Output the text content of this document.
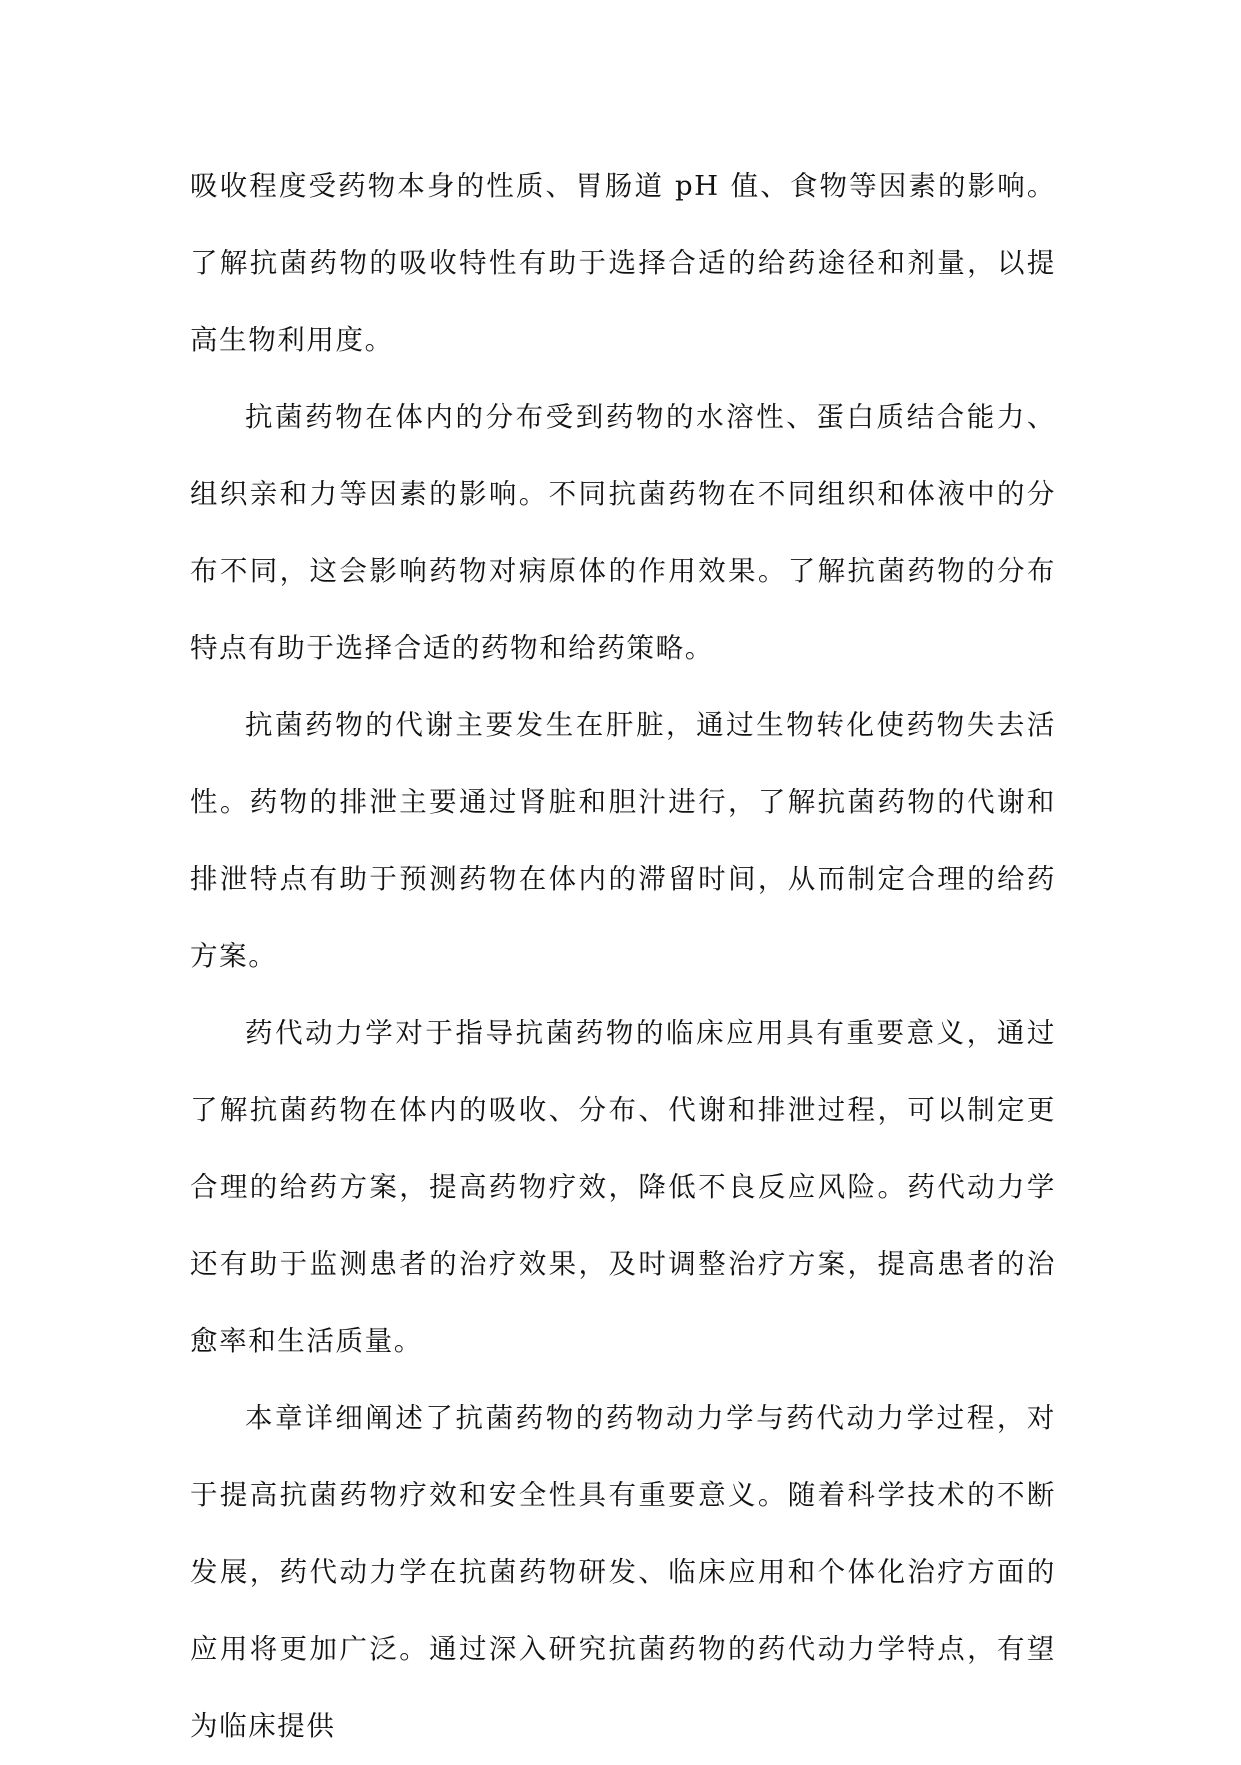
吸收程度受药物本身的性质、胃肠道 pH 值、食物等因素的影响。了解抗菌药物的吸收特性有助于选择合适的给药途径和剂量，以提高生物利用度。

抗菌药物在体内的分布受到药物的水溶性、蛋白质结合能力、组织亲和力等因素的影响。不同抗菌药物在不同组织和体液中的分布不同，这会影响药物对病原体的作用效果。了解抗菌药物的分布特点有助于选择合适的药物和给药策略。

抗菌药物的代谢主要发生在肝脏，通过生物转化使药物失去活性。药物的排泄主要通过肾脏和胆汁进行，了解抗菌药物的代谢和排泄特点有助于预测药物在体内的滞留时间，从而制定合理的给药方案。

药代动力学对于指导抗菌药物的临床应用具有重要意义，通过了解抗菌药物在体内的吸收、分布、代谢和排泄过程，可以制定更合理的给药方案，提高药物疗效，降低不良反应风险。药代动力学还有助于监测患者的治疗效果，及时调整治疗方案，提高患者的治愈率和生活质量。

本章详细阐述了抗菌药物的药物动力学与药代动力学过程，对于提高抗菌药物疗效和安全性具有重要意义。随着科学技术的不断发展，药代动力学在抗菌药物研发、临床应用和个体化治疗方面的应用将更加广泛。通过深入研究抗菌药物的药代动力学特点，有望为临床提供
